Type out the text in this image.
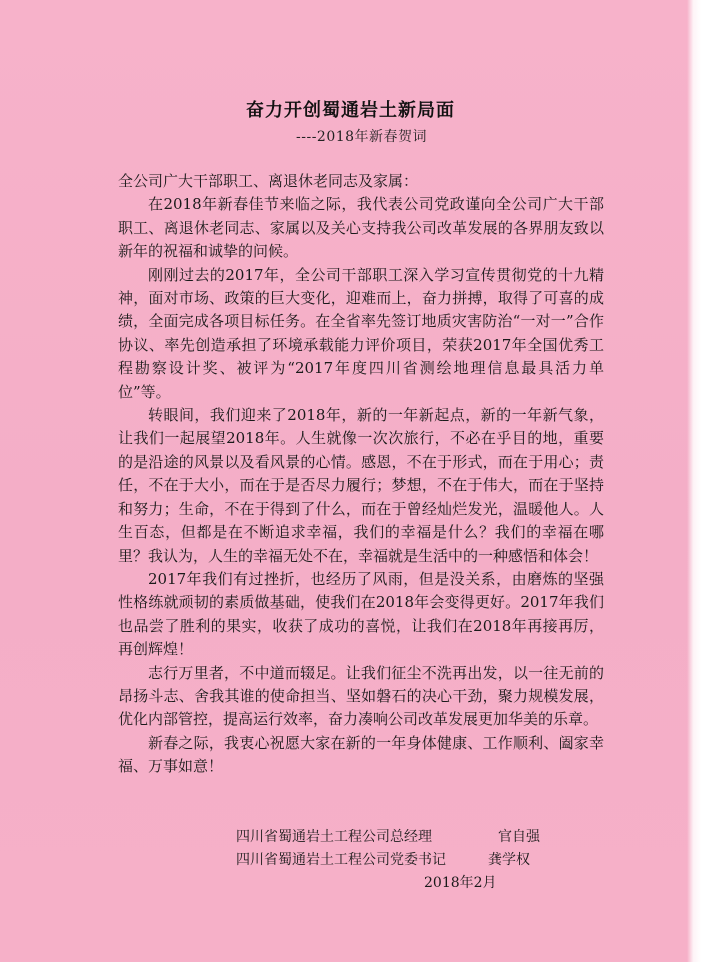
奋力开创蜀通岩土新局面
----2018年新春贺词

全公司广大干部职工、离退休老同志及家属：

在2018年新春佳节来临之际，我代表公司党政谨向全公司广大干部职工、离退休老同志、家属以及关心支持我公司改革发展的各界朋友致以新年的祝福和诚挚的问候。

刚刚过去的2017年，全公司干部职工深入学习宣传贯彻党的十九精神，面对市场、政策的巨大变化，迎难而上，奋力拼搏，取得了可喜的成绩，全面完成各项目标任务。在全省率先签订地质灾害防治“一对一”合作协议、率先创造承担了环境承载能力评价项目，荣获2017年全国优秀工程勘察设计奖、被评为“2017年度四川省测绘地理信息最具活力单位”等。

转眼间，我们迎来了2018年，新的一年新起点，新的一年新气象，让我们一起展望2018年。人生就像一次次旅行，不必在乎目的地，重要的是沿途的风景以及看风景的心情。感恩，不在于形式，而在于用心；责任，不在于大小，而在于是否尽力履行；梦想，不在于伟大，而在于坚持和努力；生命，不在于得到了什么，而在于曾经灿烂发光，温暖他人。人生百态，但都是在不断追求幸福，我们的幸福是什么？我们的幸福在哪里？我认为，人生的幸福无处不在，幸福就是生活中的一种感悟和体会！

2017年我们有过挫折，也经历了风雨，但是没关系，由磨炼的坚强性格练就顽韧的素质做基础，使我们在2018年会变得更好。2017年我们也品尝了胜利的果实，收获了成功的喜悦，让我们在2018年再接再厉，再创辉煌！

志行万里者，不中道而辍足。让我们征尘不洗再出发，以一往无前的昂扬斗志、舍我其谁的使命担当、坚如磐石的决心干劲，聚力规模发展，优化内部管控，提高运行效率，奋力凑响公司改革发展更加华美的乐章。

新春之际，我衷心祝愿大家在新的一年身体健康、工作顺利、阖家幸福、万事如意！

四川省蜀通岩土工程公司总经理	官自强
四川省蜀通岩土工程公司党委书记	龚学权
2018年2月
